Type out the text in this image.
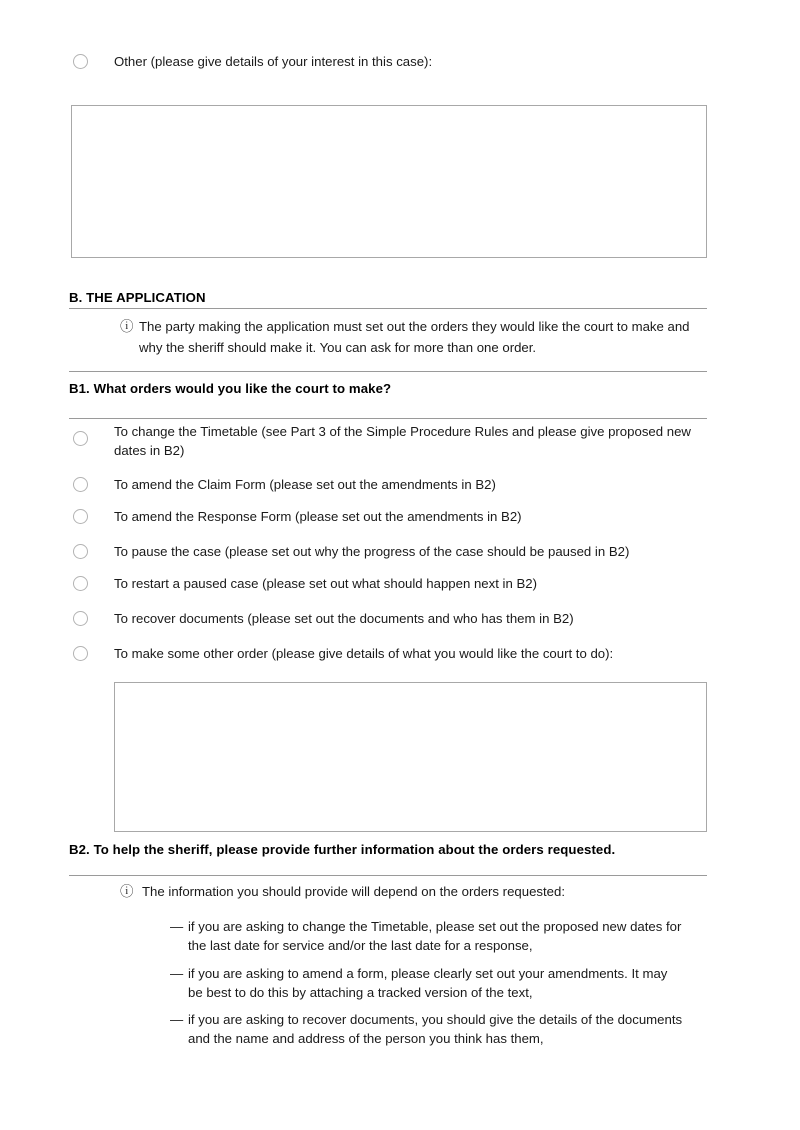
Other (please give details of your interest in this case):
B. THE APPLICATION
ⓘ The party making the application must set out the orders they would like the court to make and why the sheriff should make it. You can ask for more than one order.
B1. What orders would you like the court to make?
To change the Timetable (see Part 3 of the Simple Procedure Rules and please give proposed new dates in B2)
To amend the Claim Form (please set out the amendments in B2)
To amend the Response Form (please set out the amendments in B2)
To pause the case (please set out why the progress of the case should be paused in B2)
To restart a paused case (please set out what should happen next in B2)
To recover documents (please set out the documents and who has them in B2)
To make some other order (please give details of what you would like the court to do):
B2. To help the sheriff, please provide further information about the orders requested.
ⓘ The information you should provide will depend on the orders requested:
— if you are asking to change the Timetable, please set out the proposed new dates for the last date for service and/or the last date for a response,
— if you are asking to amend a form, please clearly set out your amendments. It may be best to do this by attaching a tracked version of the text,
— if you are asking to recover documents, you should give the details of the documents and the name and address of the person you think has them,
